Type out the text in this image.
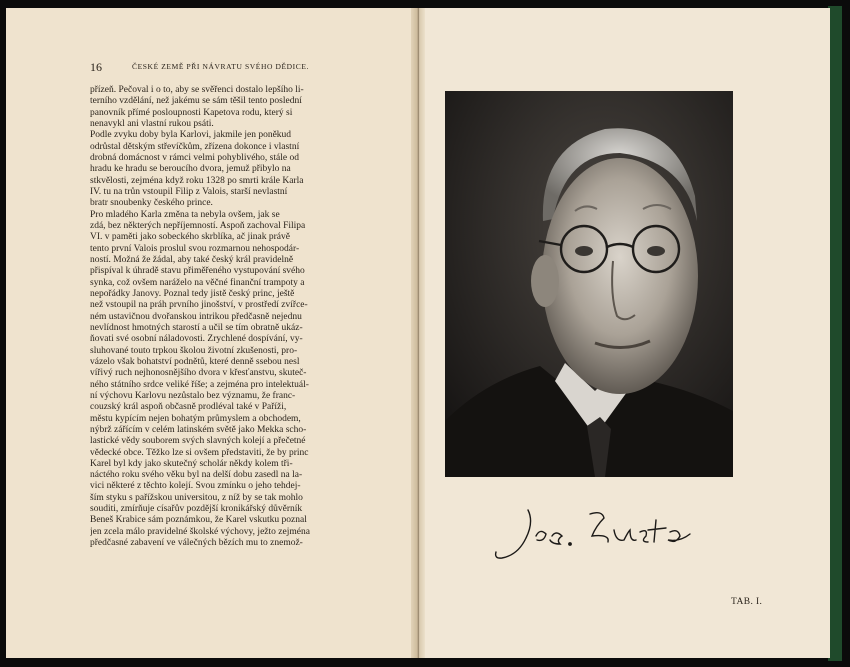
16	ČESKÉ ZEMĚ PŘI NÁVRATU SVÉHO DĚDICE.
přízeň. Pečoval i o to, aby se svěřenci dostalo lepšího li-
terního vzdělání, než jakému se sám těšil tento poslední
panovník přímé posloupnosti Kapetova rodu, který si
nenavykl ani vlastní rukou psáti.
Podle zvyku doby byla Karlovi, jakmile jen poněkud
odrůstal dětským střevíčkům, zřízena dokonce i vlastní
drobná domácnost v rámci velmi pohyblivého, stále od
hradu ke hradu se beroucího dvora, jemuž přibylo na
stkvělosti, zejména když roku 1328 po smrti krále Karla
IV. tu na trůn vstoupil Filip z Valois, starší nevlastní
bratr snoubenky českého prince.
Pro mladého Karla změna ta nebyla ovšem, jak se
zdá, bez některých nepříjemností. Aspoň zachoval Filipa
VI. v paměti jako sobeckého skrblíka, ač jinak právě
tento první Valois proslul svou rozmarnou nehospodár-
ností. Možná že žádal, aby také český král pravidelně
přispíval k úhradě stavu přiměřeného vystupování svého
synka, což ovšem naráželo na věčné finanční trampoty a
nepořádky Janovy. Poznal tedy jistě český princ, ještě
než vstoupil na práh prvního jinošství, v prostředí zvířce-
ném ustavičnou dvořanskou intrikou předčasně nejednu
nevlídnost hmotných starostí a učil se tím obratně ukáz-
ňovati své osobní náladovosti. Zrychlené dospívání, vy-
sluhované touto trpkou školou životní zkušenosti, pro-
vázelo však bohatství podnětů, které denně ssebou nesl
vířivý ruch nejhonosnějšího dvora v křesťanstvu, skuteč-
ného státního srdce veliké říše; a zejména pro intelektuál-
ní výchovu Karlovu nezůstalo bez významu, že franc-
couzský král aspoň občasně prodléval také v Paříži,
městu kypícím nejen bohatým průmyslem a obchodem,
nýbrž zářícím v celém latinském světě jako Mekka scho-
lastické vědy souborem svých slavných kolejí a přečetné
vědecké obce. Těžko lze si ovšem představiti, že by princ
Karel byl kdy jako skutečný scholár někdy kolem tři-
náctého roku svého věku byl na delší dobu zasedl na la-
vici některé z těchto kolejí. Svou zmínku o jeho tehdej-
ším styku s pařížskou universitou, z níž by se tak mohlo
souditi, zmírňuje císařův pozdější kronikářský důvěrník
Beneš Krabice sám poznámkou, že Karel vskutku poznal
jen zcela málo pravidelné školské výchovy, ježto zejména
předčasné zabavení ve válečných bězích mu to znemož-
TAB. I.
